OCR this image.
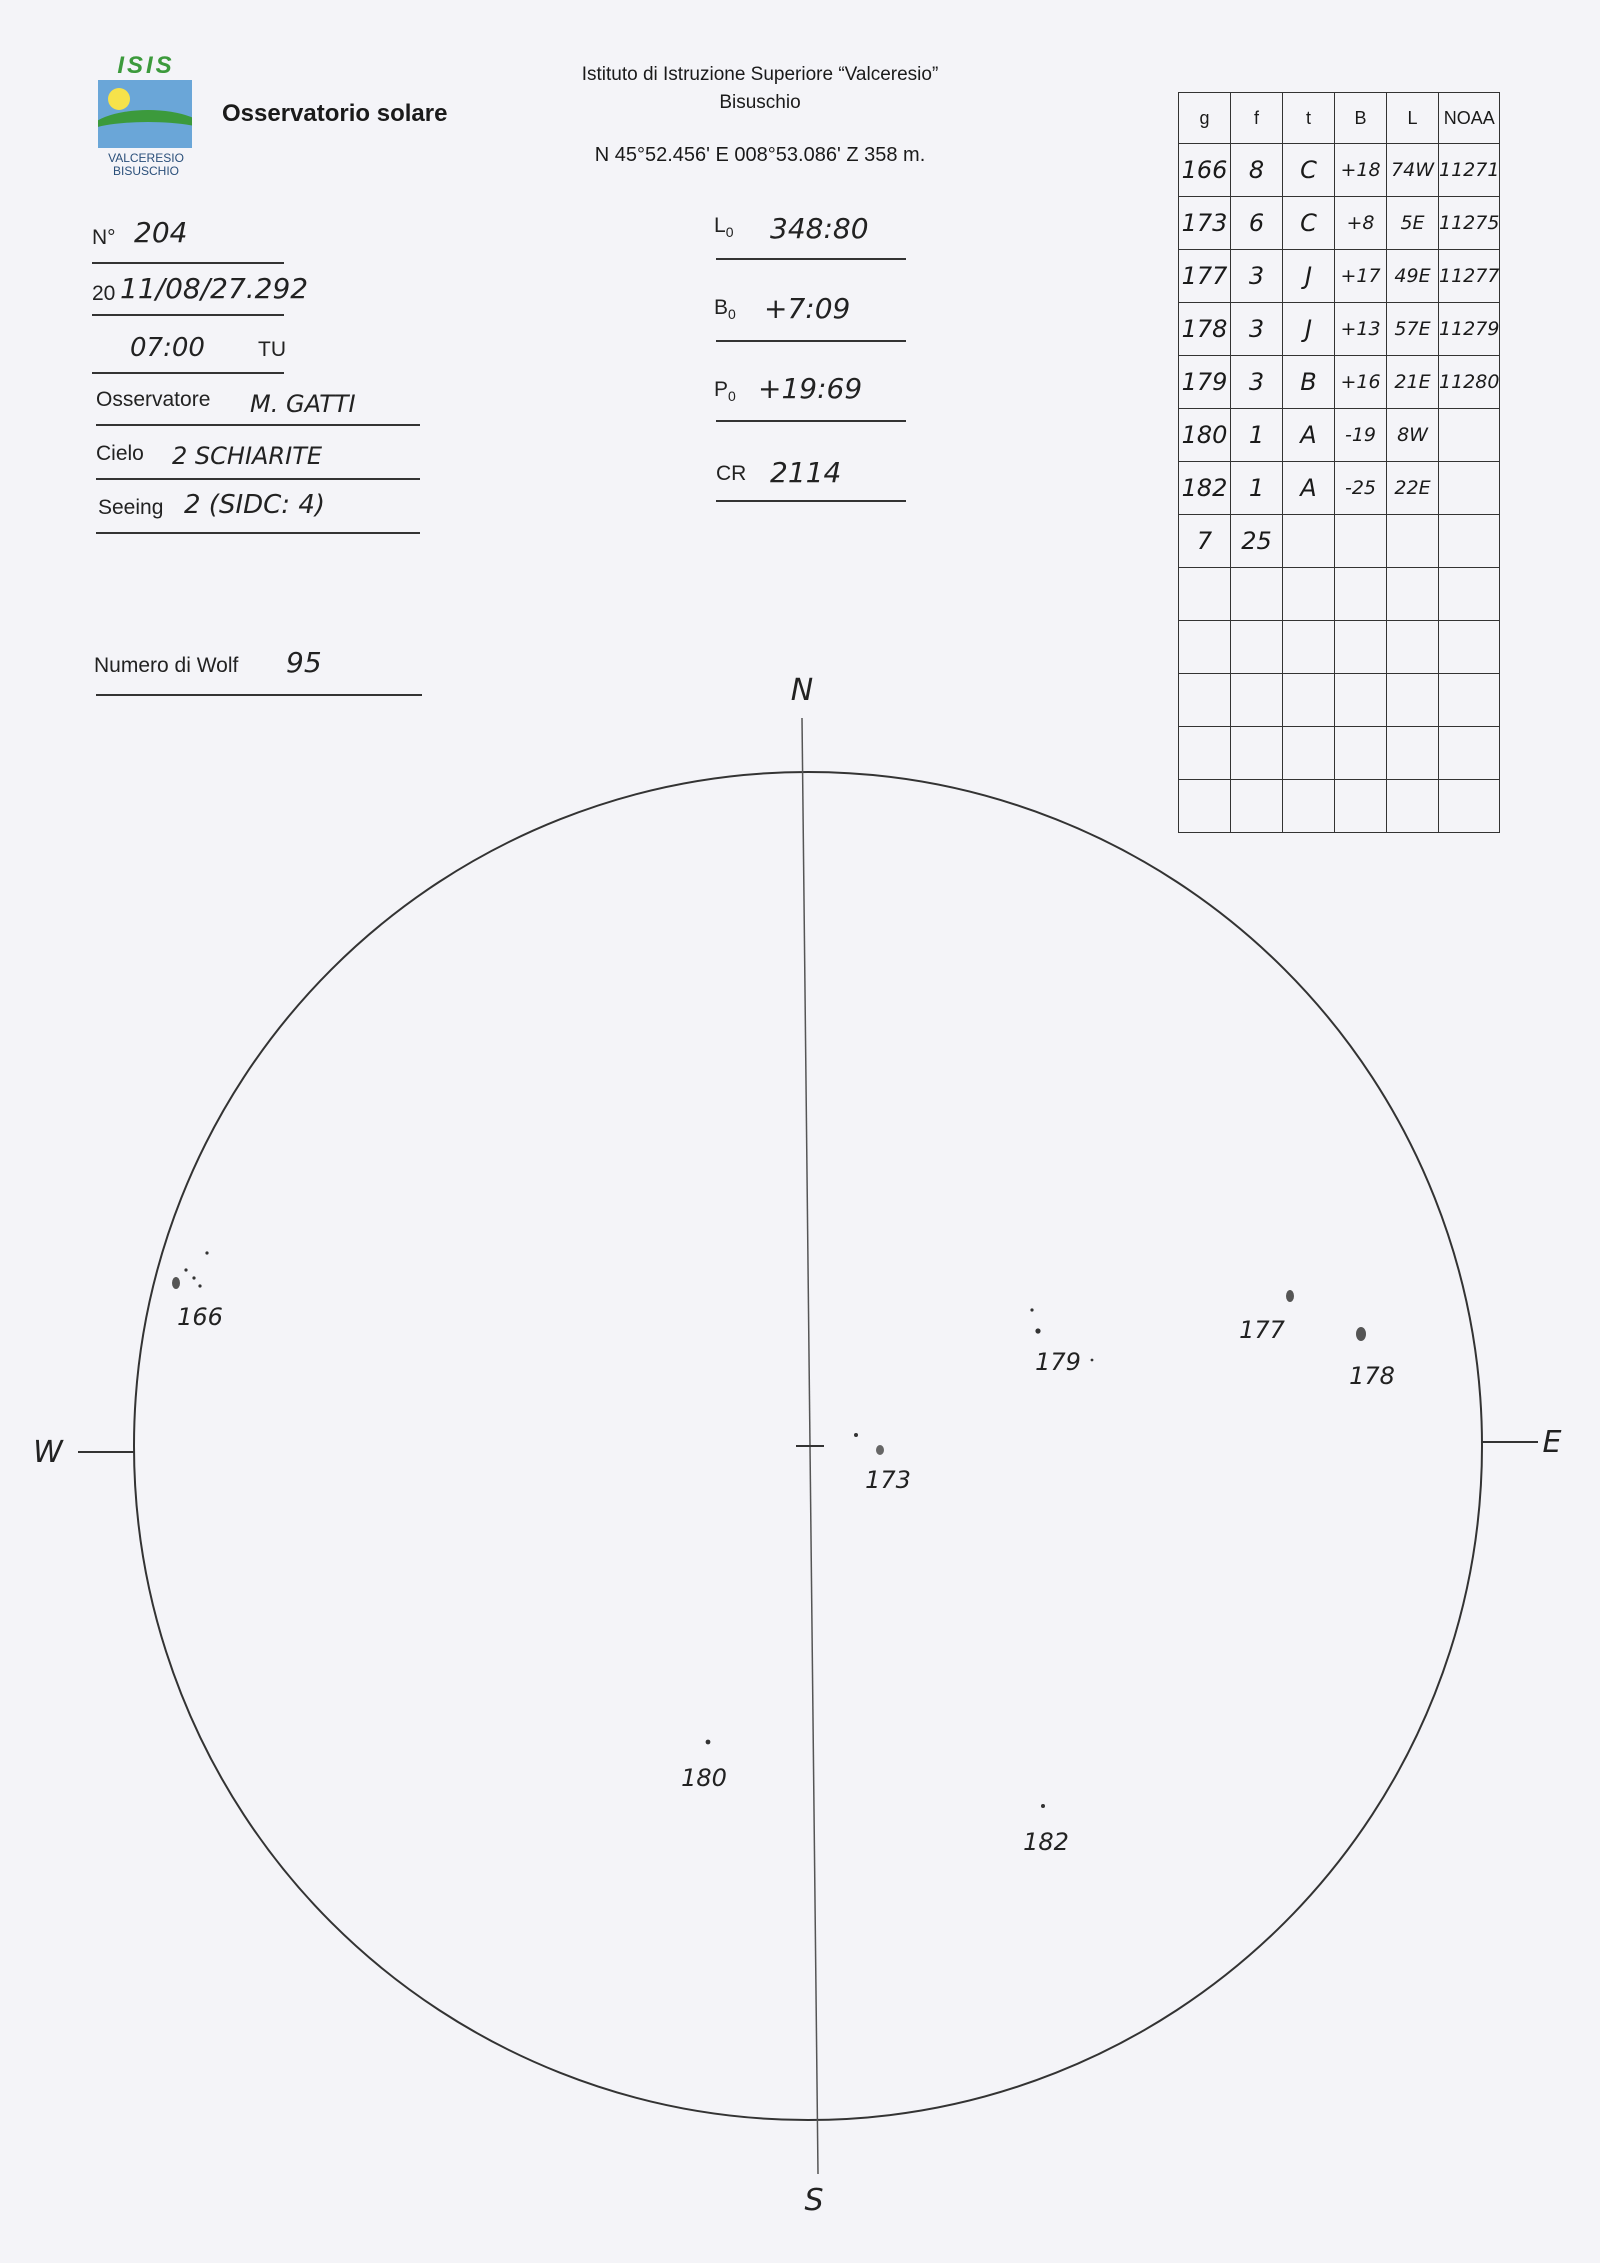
ISIS
VALCERESIO
BISUSCHIO
Osservatorio solare
Istituto di Istruzione Superiore “Valceresio”
Bisuschio
N 45°52.456' E 008°53.086' Z 358 m.
N° 204
20 11/08/27.292
07:00	TU
Osservatore M. GATTI
Cielo 2 SCHIARITE
Seeing 2 (SIDC: 4)
Numero di Wolf 95
$L_0$ 348:80
$B_0$ +7:09
$P_0$ +19:69
CR 2114
g	f	t	B	L	NOAA
166	8	C	+18	74W	11271
173	6	C	+8	5E	11275
177	3	J	+17	49E	11277
178	3	J	+13	57E	11279
179	3	B	+16	21E	11280
180	1	A	-19	8W	
182	1	A	-25	22E	
7	25				

N
S
W	E
166
173
177
178
179
180
182
